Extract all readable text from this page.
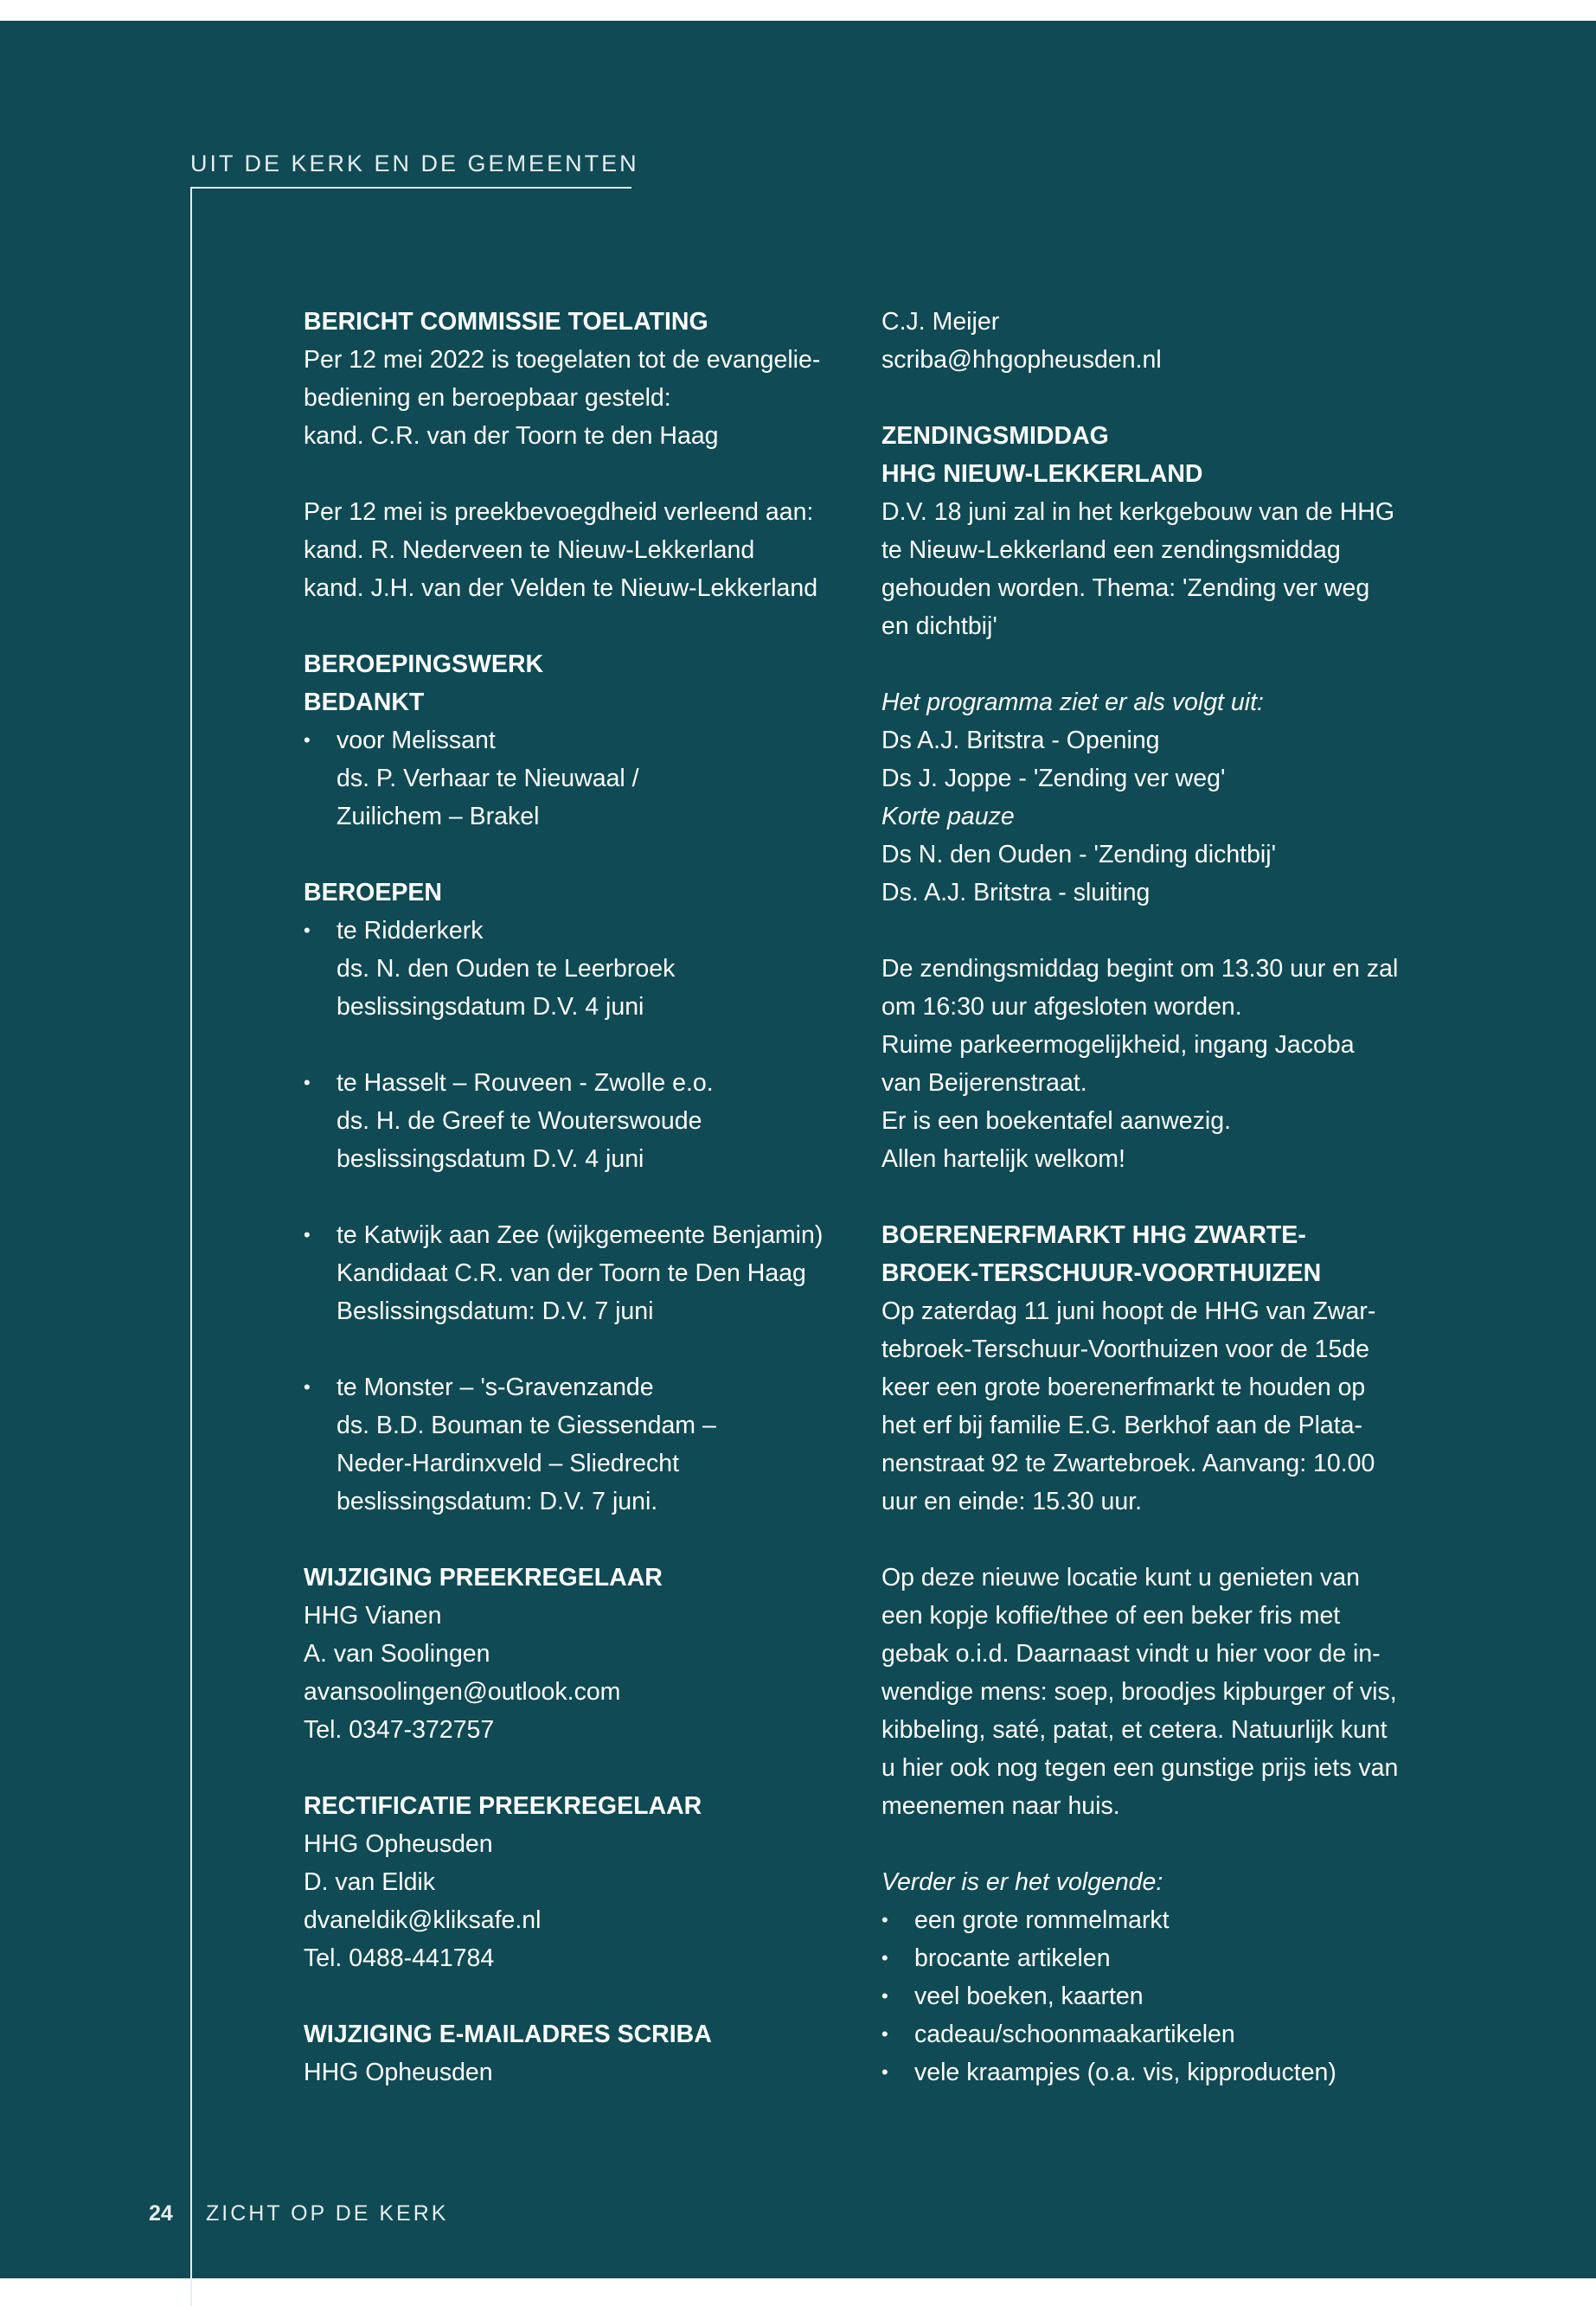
UIT DE KERK EN DE GEMEENTEN

BERICHT COMMISSIE TOELATING

Per 12 mei 2022 is toegelaten tot de evangelie-

bediening en beroepbaar gesteld:

kand. C.R. van der Toorn te den Haag

Per 12 mei is preekbevoegdheid verleend aan:

kand. R. Nederveen te Nieuw-Lekkerland

kand. J.H. van der Velden te Nieuw-Lekkerland

BEROEPINGSWERK

BEDANKT

•	voor Melissant

ds. P. Verhaar te Nieuwaal /

Zuilichem – Brakel

BEROEPEN

•	te Ridderkerk

ds. N. den Ouden te Leerbroek

beslissingsdatum D.V. 4 juni

•	te Hasselt – Rouveen - Zwolle e.o.

ds. H. de Greef te Wouterswoude

beslissingsdatum D.V. 4 juni

•	te Katwijk aan Zee (wijkgemeente Benjamin)

Kandidaat C.R. van der Toorn te Den Haag

Beslissingsdatum: D.V. 7 juni

•	te Monster – 's-Gravenzande

ds. B.D. Bouman te Giessendam –

Neder-Hardinxveld – Sliedrecht

beslissingsdatum: D.V. 7 juni.

WIJZIGING PREEKREGELAAR

HHG Vianen

A. van Soolingen

avansoolingen@outlook.com

Tel. 0347-372757

RECTIFICATIE PREEKREGELAAR

HHG Opheusden

D. van Eldik

dvaneldik@kliksafe.nl

Tel. 0488-441784

WIJZIGING E-MAILADRES SCRIBA

HHG Opheusden

C.J. Meijer

scriba@hhgopheusden.nl

ZENDINGSMIDDAG

HHG NIEUW-LEKKERLAND

D.V. 18 juni zal in het kerkgebouw van de HHG

te Nieuw-Lekkerland een zendingsmiddag

gehouden worden. Thema: 'Zending ver weg

en dichtbij'

Het programma ziet er als volgt uit:

Ds A.J. Britstra - Opening

Ds J. Joppe - 'Zending ver weg'

Korte pauze

Ds N. den Ouden - 'Zending dichtbij'

Ds. A.J. Britstra - sluiting

De zendingsmiddag begint om 13.30 uur en zal

om 16:30 uur afgesloten worden.

Ruime parkeermogelijkheid, ingang Jacoba

van Beijerenstraat.

Er is een boekentafel aanwezig.

Allen hartelijk welkom!

BOERENERFMARKT HHG ZWARTE-

BROEK-TERSCHUUR-VOORTHUIZEN

Op zaterdag 11 juni hoopt de HHG van Zwar-

tebroek-Terschuur-Voorthuizen voor de 15de

keer een grote boerenerfmarkt te houden op

het erf bij familie E.G. Berkhof aan de Plata-

nenstraat 92 te Zwartebroek. Aanvang: 10.00

uur en einde: 15.30 uur.

Op deze nieuwe locatie kunt u genieten van

een kopje koffie/thee of een beker fris met

gebak o.i.d. Daarnaast vindt u hier voor de in-

wendige mens: soep, broodjes kipburger of vis,

kibbeling, saté, patat, et cetera. Natuurlijk kunt

u hier ook nog tegen een gunstige prijs iets van

meenemen naar huis.

Verder is er het volgende:

•	een grote rommelmarkt
•	brocante artikelen
•	veel boeken, kaarten
•	cadeau/schoonmaakartikelen
•	vele kraampjes (o.a. vis, kipproducten)
24 ZICHT OP DE KERK
